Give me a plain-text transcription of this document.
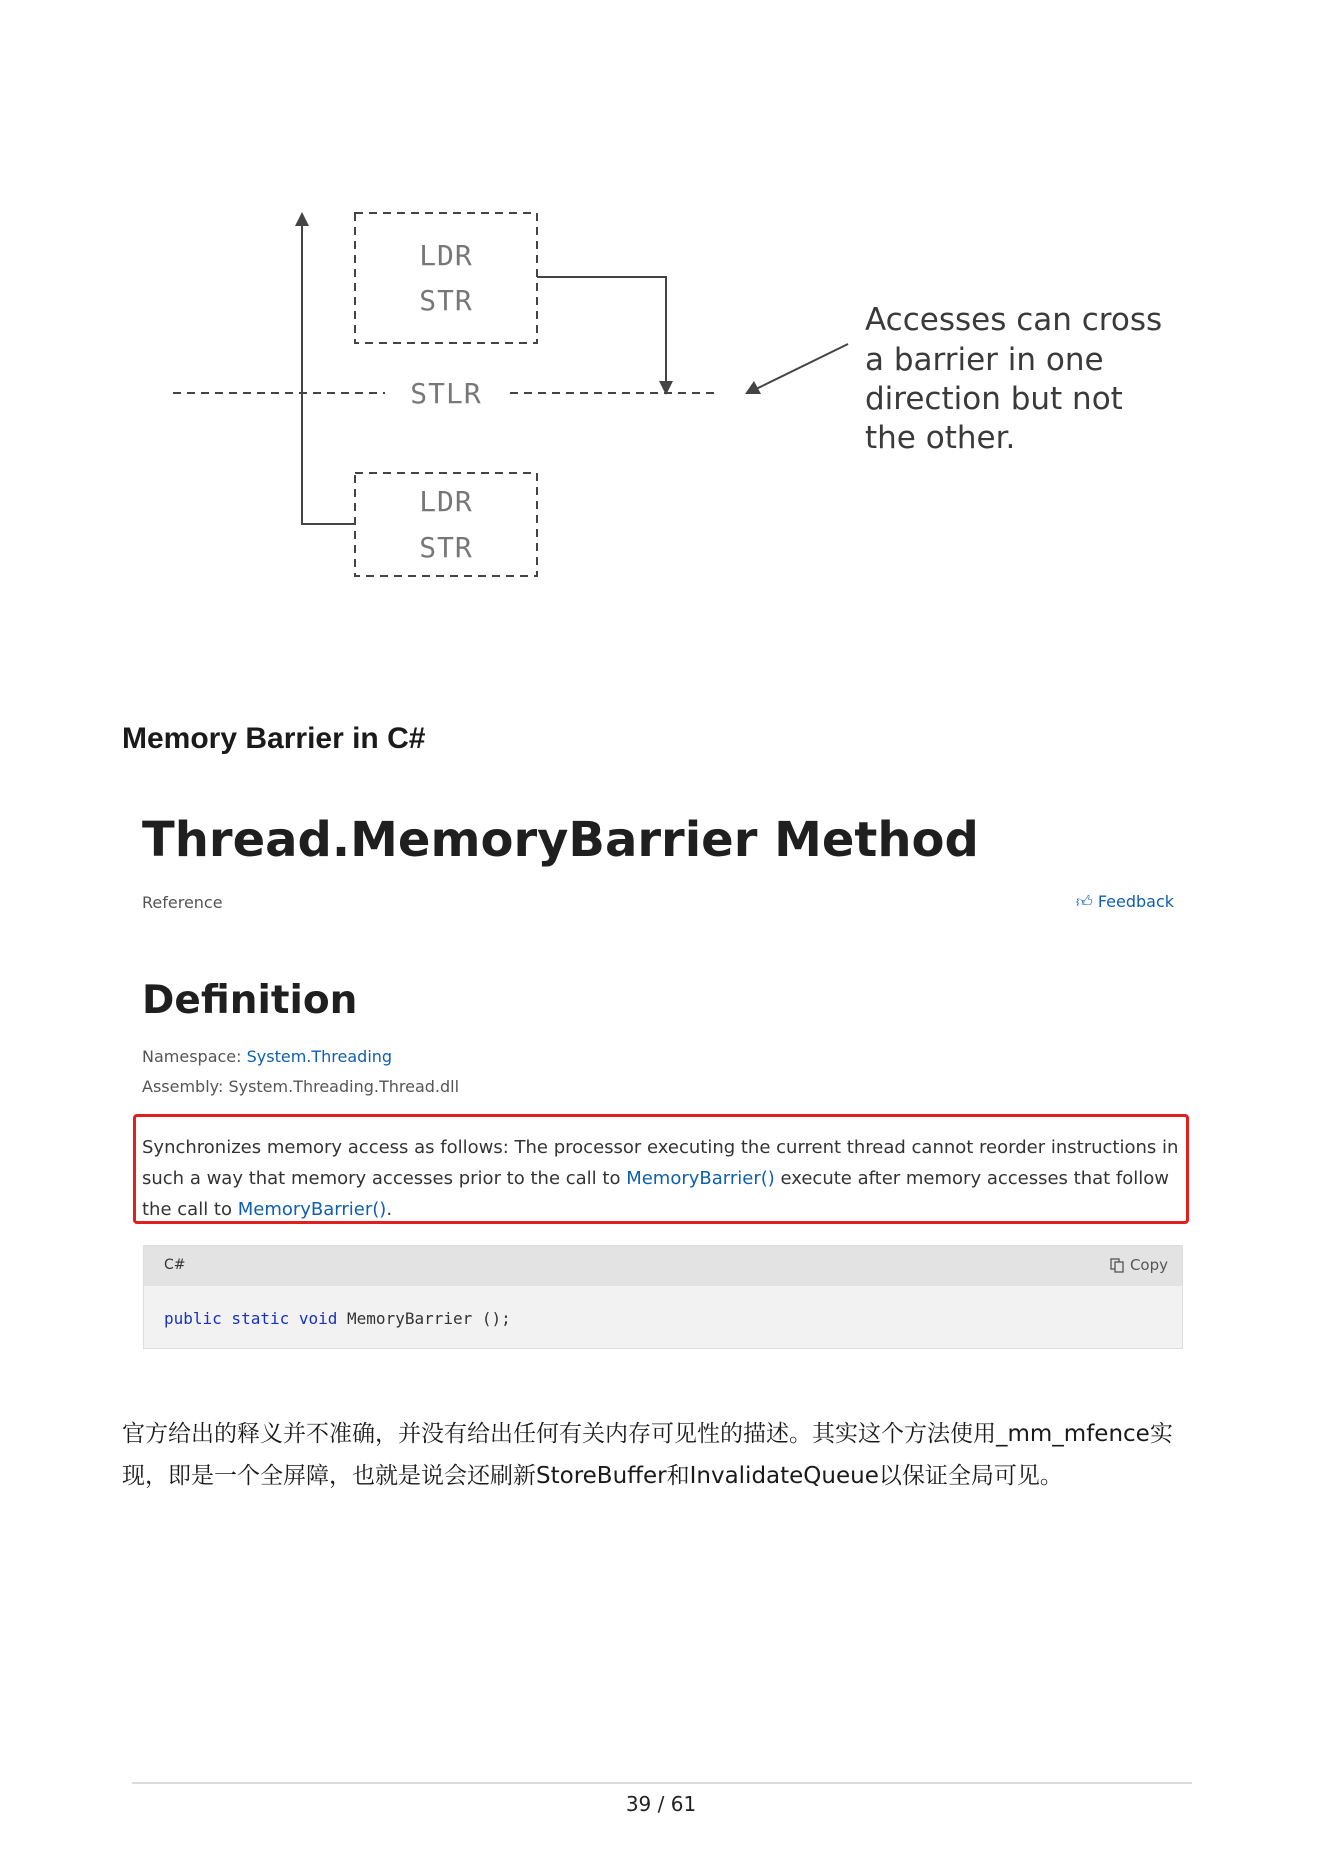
LDR
STR
STLR
LDR
STR
Accesses can cross
a barrier in one
direction but not
the other.
Memory Barrier in C#
Thread.MemoryBarrier Method
Reference	👍︎ Feedback
Definition
Namespace: System.Threading
Assembly: System.Threading.Thread.dll
Synchronizes memory access as follows: The processor executing the current thread cannot reorder instructions in such a way that memory accesses prior to the call to MemoryBarrier() execute after memory accesses that follow the call to MemoryBarrier().
C#	Copy
public static void MemoryBarrier ();
官方给出的释义并不准确，并没有给出任何有关内存可见性的描述。其实这个方法使用_mm_mfence实现，即是一个全屏障，也就是说会还刷新StoreBuffer和InvalidateQueue以保证全局可见。
39 / 61
